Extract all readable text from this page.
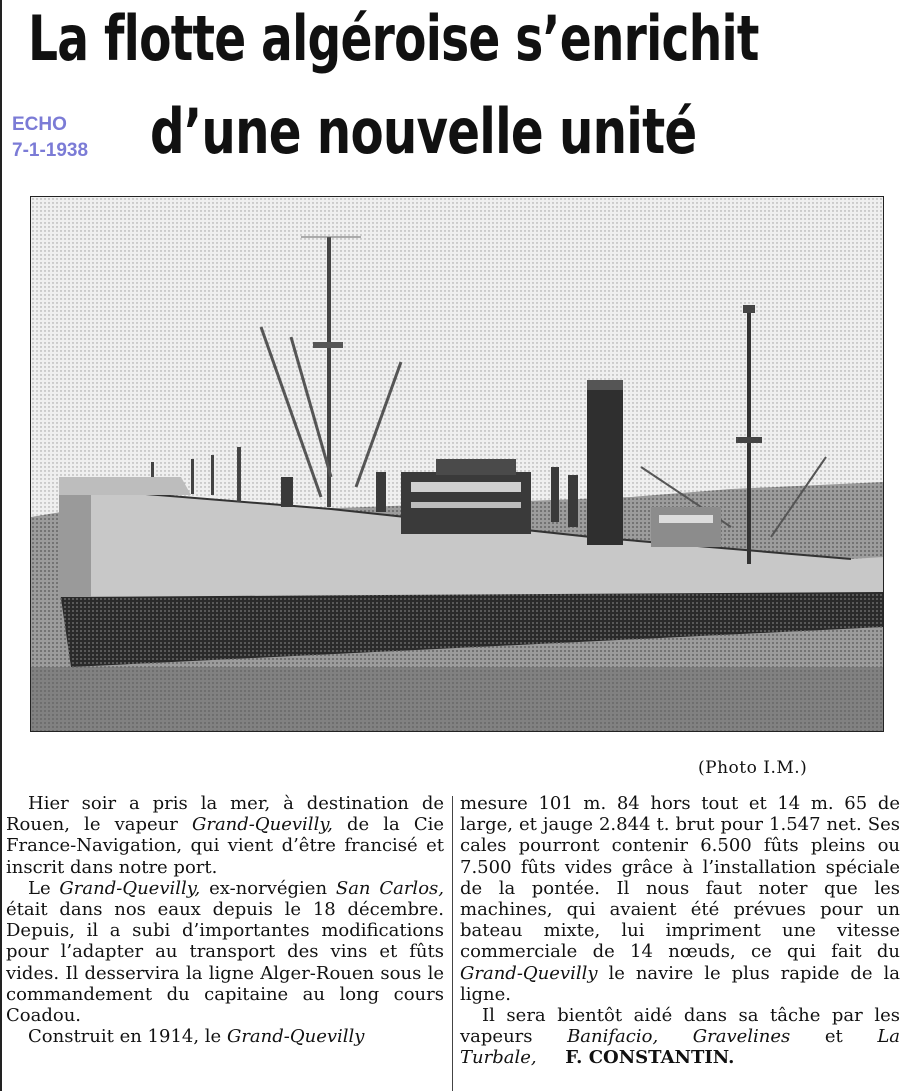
La flotte algéroise s’enrichit
d’une nouvelle unité
ECHO
7-1-1938
(Photo I.M.)

Hier soir a pris la mer, à destination de Rouen, le vapeur Grand-Quevilly, de la Cie France-Navigation, qui vient d’être francisé et inscrit dans notre port.

Le Grand-Quevilly, ex-norvégien San Carlos, était dans nos eaux depuis le 18 décembre. Depuis, il a subi d’importantes modifications pour l’adapter au transport des vins et fûts vides. Il desservira la ligne Alger-Rouen sous le commandement du capitaine au long cours Coadou.

Construit en 1914, le Grand-Quevilly

mesure 101 m. 84 hors tout et 14 m. 65 de large, et jauge 2.844 t. brut pour 1.547 net. Ses cales pourront contenir 6.500 fûts pleins ou 7.500 fûts vides grâce à l’installation spéciale de la pontée. Il nous faut noter que les machines, qui avaient été prévues pour un bateau mixte, lui impriment une vitesse commerciale de 14 nœuds, ce qui fait du Grand-Quevilly le navire le plus rapide de la ligne.

Il sera bientôt aidé dans sa tâche par les vapeurs Banifacio, Gravelines et La Turbale, F. CONSTANTIN.
